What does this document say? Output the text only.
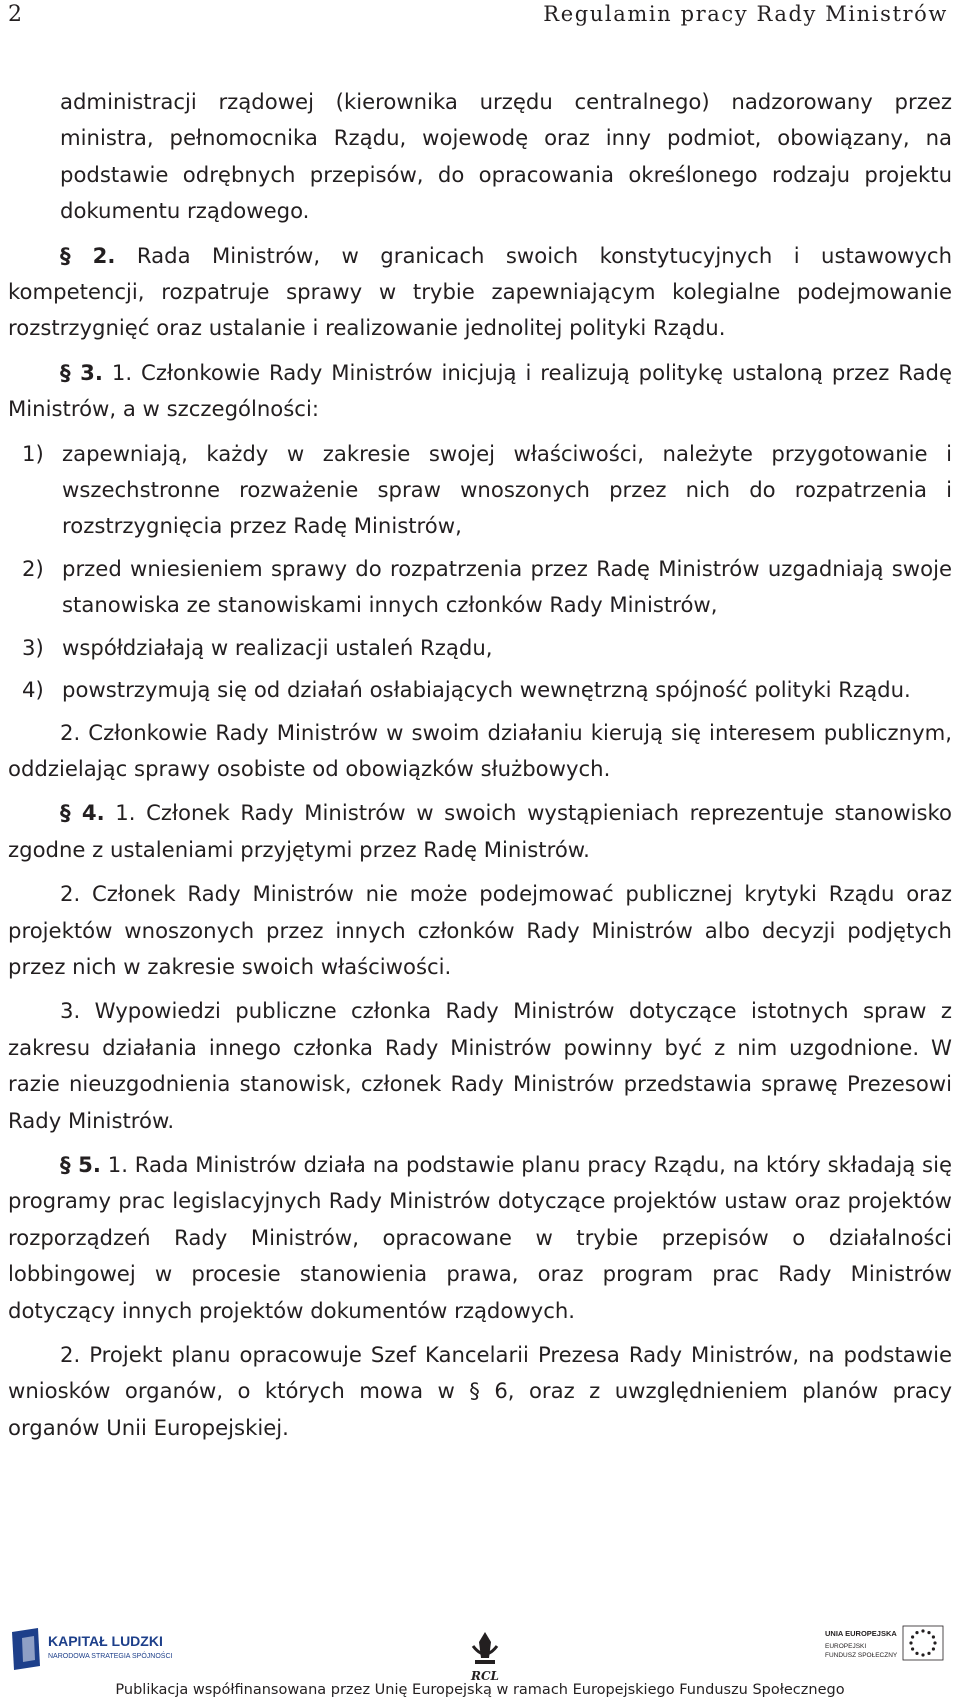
2	Regulamin pracy Rady Ministrów

administracji rządowej (kierownika urzędu centralnego) nadzorowany przez ministra, pełnomocnika Rządu, wojewodę oraz inny podmiot, obowiązany, na podstawie odrębnych przepisów, do opracowania określonego rodzaju projektu dokumentu rządowego.

§ 2. Rada Ministrów, w granicach swoich konstytucyjnych i ustawowych kompetencji, rozpatruje sprawy w trybie zapewniającym kolegialne podejmowanie rozstrzygnięć oraz ustalanie i realizowanie jednolitej polityki Rządu.

§ 3. 1. Członkowie Rady Ministrów inicjują i realizują politykę ustaloną przez Radę Ministrów, a w szczególności:

1) zapewniają, każdy w zakresie swojej właściwości, należyte przygotowanie i wszechstronne rozważenie spraw wnoszonych przez nich do rozpatrzenia i rozstrzygnięcia przez Radę Ministrów,
2) przed wniesieniem sprawy do rozpatrzenia przez Radę Ministrów uzgadniają swoje stanowiska ze stanowiskami innych członków Rady Ministrów,
3) współdziałają w realizacji ustaleń Rządu,
4) powstrzymują się od działań osłabiających wewnętrzną spójność polityki Rządu.

2. Członkowie Rady Ministrów w swoim działaniu kierują się interesem publicznym, oddzielając sprawy osobiste od obowiązków służbowych.

§ 4. 1. Członek Rady Ministrów w swoich wystąpieniach reprezentuje stanowisko zgodne z ustaleniami przyjętymi przez Radę Ministrów.

2. Członek Rady Ministrów nie może podejmować publicznej krytyki Rządu oraz projektów wnoszonych przez innych członków Rady Ministrów albo decyzji podjętych przez nich w zakresie swoich właściwości.

3. Wypowiedzi publiczne członka Rady Ministrów dotyczące istotnych spraw z zakresu działania innego członka Rady Ministrów powinny być z nim uzgodnione. W razie nieuzgodnienia stanowisk, członek Rady Ministrów przedstawia sprawę Prezesowi Rady Ministrów.

§ 5. 1. Rada Ministrów działa na podstawie planu pracy Rządu, na który składają się programy prac legislacyjnych Rady Ministrów dotyczące projektów ustaw oraz projektów rozporządzeń Rady Ministrów, opracowane w trybie przepisów o działalności lobbingowej w procesie stanowienia prawa, oraz program prac Rady Ministrów dotyczący innych projektów dokumentów rządowych.

2. Projekt planu opracowuje Szef Kancelarii Prezesa Rady Ministrów, na podstawie wniosków organów, o których mowa w § 6, oraz z uwzględnieniem planów pracy organów Unii Europejskiej.

KAPITAŁ LUDZKI
NARODOWA STRATEGIA SPÓJNOŚCI
RCL
UNIA EUROPEJSKA
EUROPEJSKI
FUNDUSZ SPOŁECZNY
Publikacja współfinansowana przez Unię Europejską w ramach Europejskiego Funduszu Społecznego
